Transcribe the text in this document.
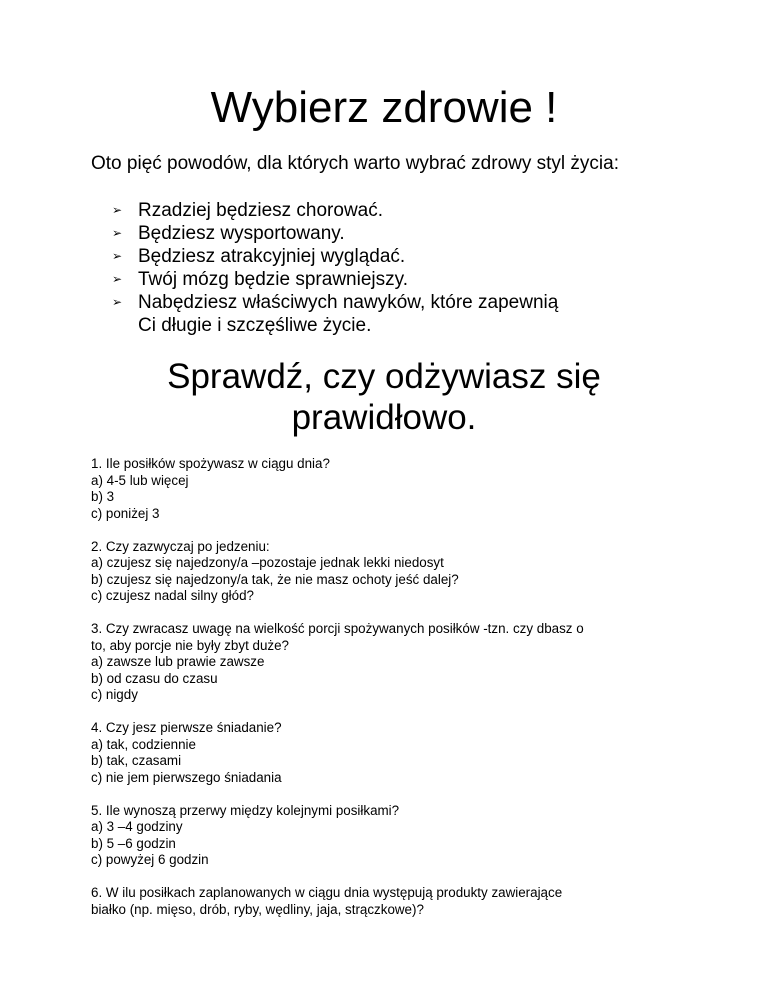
Wybierz zdrowie !

Oto pięć powodów, dla których warto wybrać zdrowy styl życia:

➢ Rzadziej będziesz chorować.
➢ Będziesz wysportowany.
➢ Będziesz atrakcyjniej wyglądać.
➢ Twój mózg będzie sprawniejszy.
➢ Nabędziesz właściwych nawyków, które zapewnią
Ci długie i szczęśliwe życie.
Sprawdź, czy odżywiasz się
prawidłowo.

1. Ile posiłków spożywasz w ciągu dnia?

a) 4-5 lub więcej

b) 3

c) poniżej 3

2. Czy zazwyczaj po jedzeniu:

a) czujesz się najedzony/a –pozostaje jednak lekki niedosyt

b) czujesz się najedzony/a tak, że nie masz ochoty jeść dalej?

c) czujesz nadal silny głód?

3. Czy zwracasz uwagę na wielkość porcji spożywanych posiłków -tzn. czy dbasz o

to, aby porcje nie były zbyt duże?

a) zawsze lub prawie zawsze

b) od czasu do czasu

c) nigdy

4. Czy jesz pierwsze śniadanie?

a) tak, codziennie

b) tak, czasami

c) nie jem pierwszego śniadania

5. Ile wynoszą przerwy między kolejnymi posiłkami?

a) 3 –4 godziny

b) 5 –6 godzin

c) powyżej 6 godzin

6. W ilu posiłkach zaplanowanych w ciągu dnia występują produkty zawierające

białko (np. mięso, drób, ryby, wędliny, jaja, strączkowe)?
